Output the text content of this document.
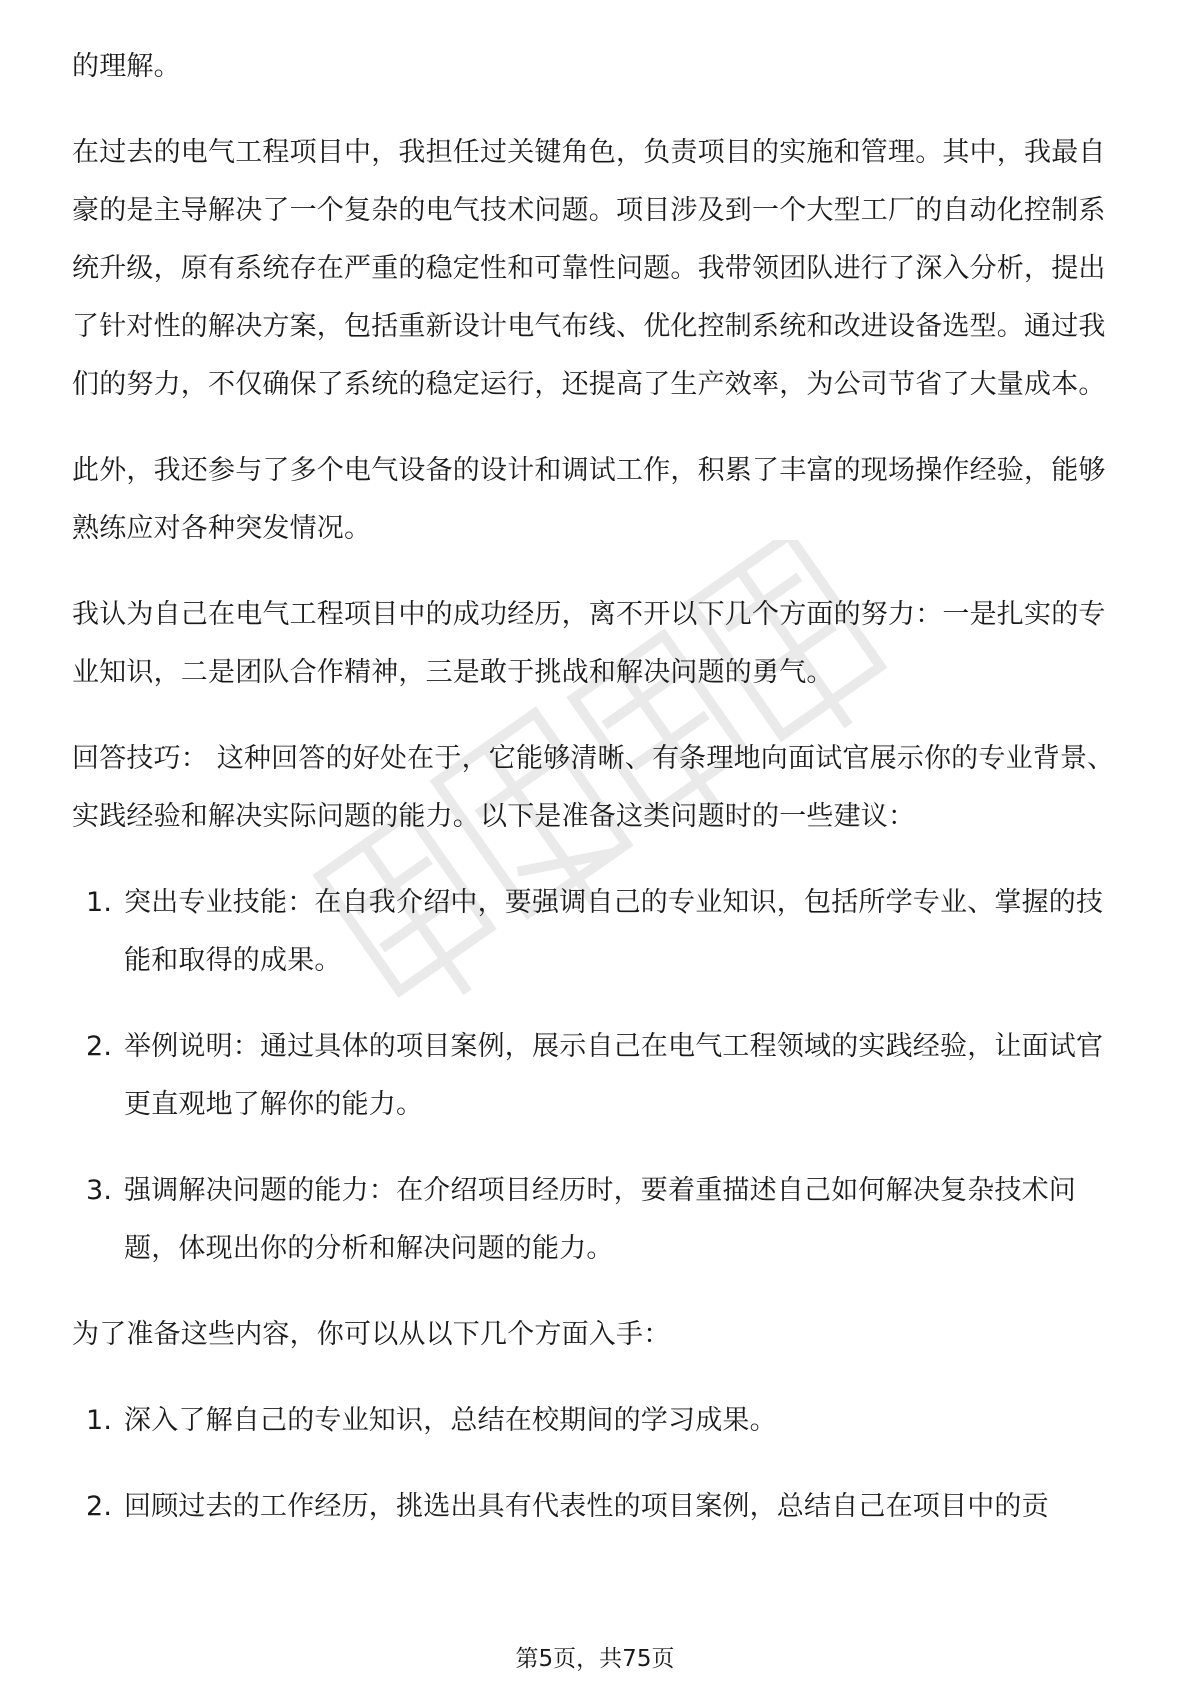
的理解。

在过去的电气工程项目中，我担任过关键角色，负责项目的实施和管理。其中，我最自豪的是主导解决了一个复杂的电气技术问题。项目涉及到一个大型工厂的自动化控制系统升级，原有系统存在严重的稳定性和可靠性问题。我带领团队进行了深入分析，提出了针对性的解决方案，包括重新设计电气布线、优化控制系统和改进设备选型。通过我们的努力，不仅确保了系统的稳定运行，还提高了生产效率，为公司节省了大量成本。

此外，我还参与了多个电气设备的设计和调试工作，积累了丰富的现场操作经验，能够熟练应对各种突发情况。

我认为自己在电气工程项目中的成功经历，离不开以下几个方面的努力：一是扎实的专业知识，二是团队合作精神，三是敢于挑战和解决问题的勇气。

回答技巧： 这种回答的好处在于，它能够清晰、有条理地向面试官展示你的专业背景、实践经验和解决实际问题的能力。以下是准备这类问题时的一些建议：

1. 突出专业技能：在自我介绍中，要强调自己的专业知识，包括所学专业、掌握的技能和取得的成果。
2. 举例说明：通过具体的项目案例，展示自己在电气工程领域的实践经验，让面试官更直观地了解你的能力。
3. 强调解决问题的能力：在介绍项目经历时，要着重描述自己如何解决复杂技术问题，体现出你的分析和解决问题的能力。

为了准备这些内容，你可以从以下几个方面入手：

1. 深入了解自己的专业知识，总结在校期间的学习成果。
2. 回顾过去的工作经历，挑选出具有代表性的项目案例，总结自己在项目中的贡
第5页，共75页
